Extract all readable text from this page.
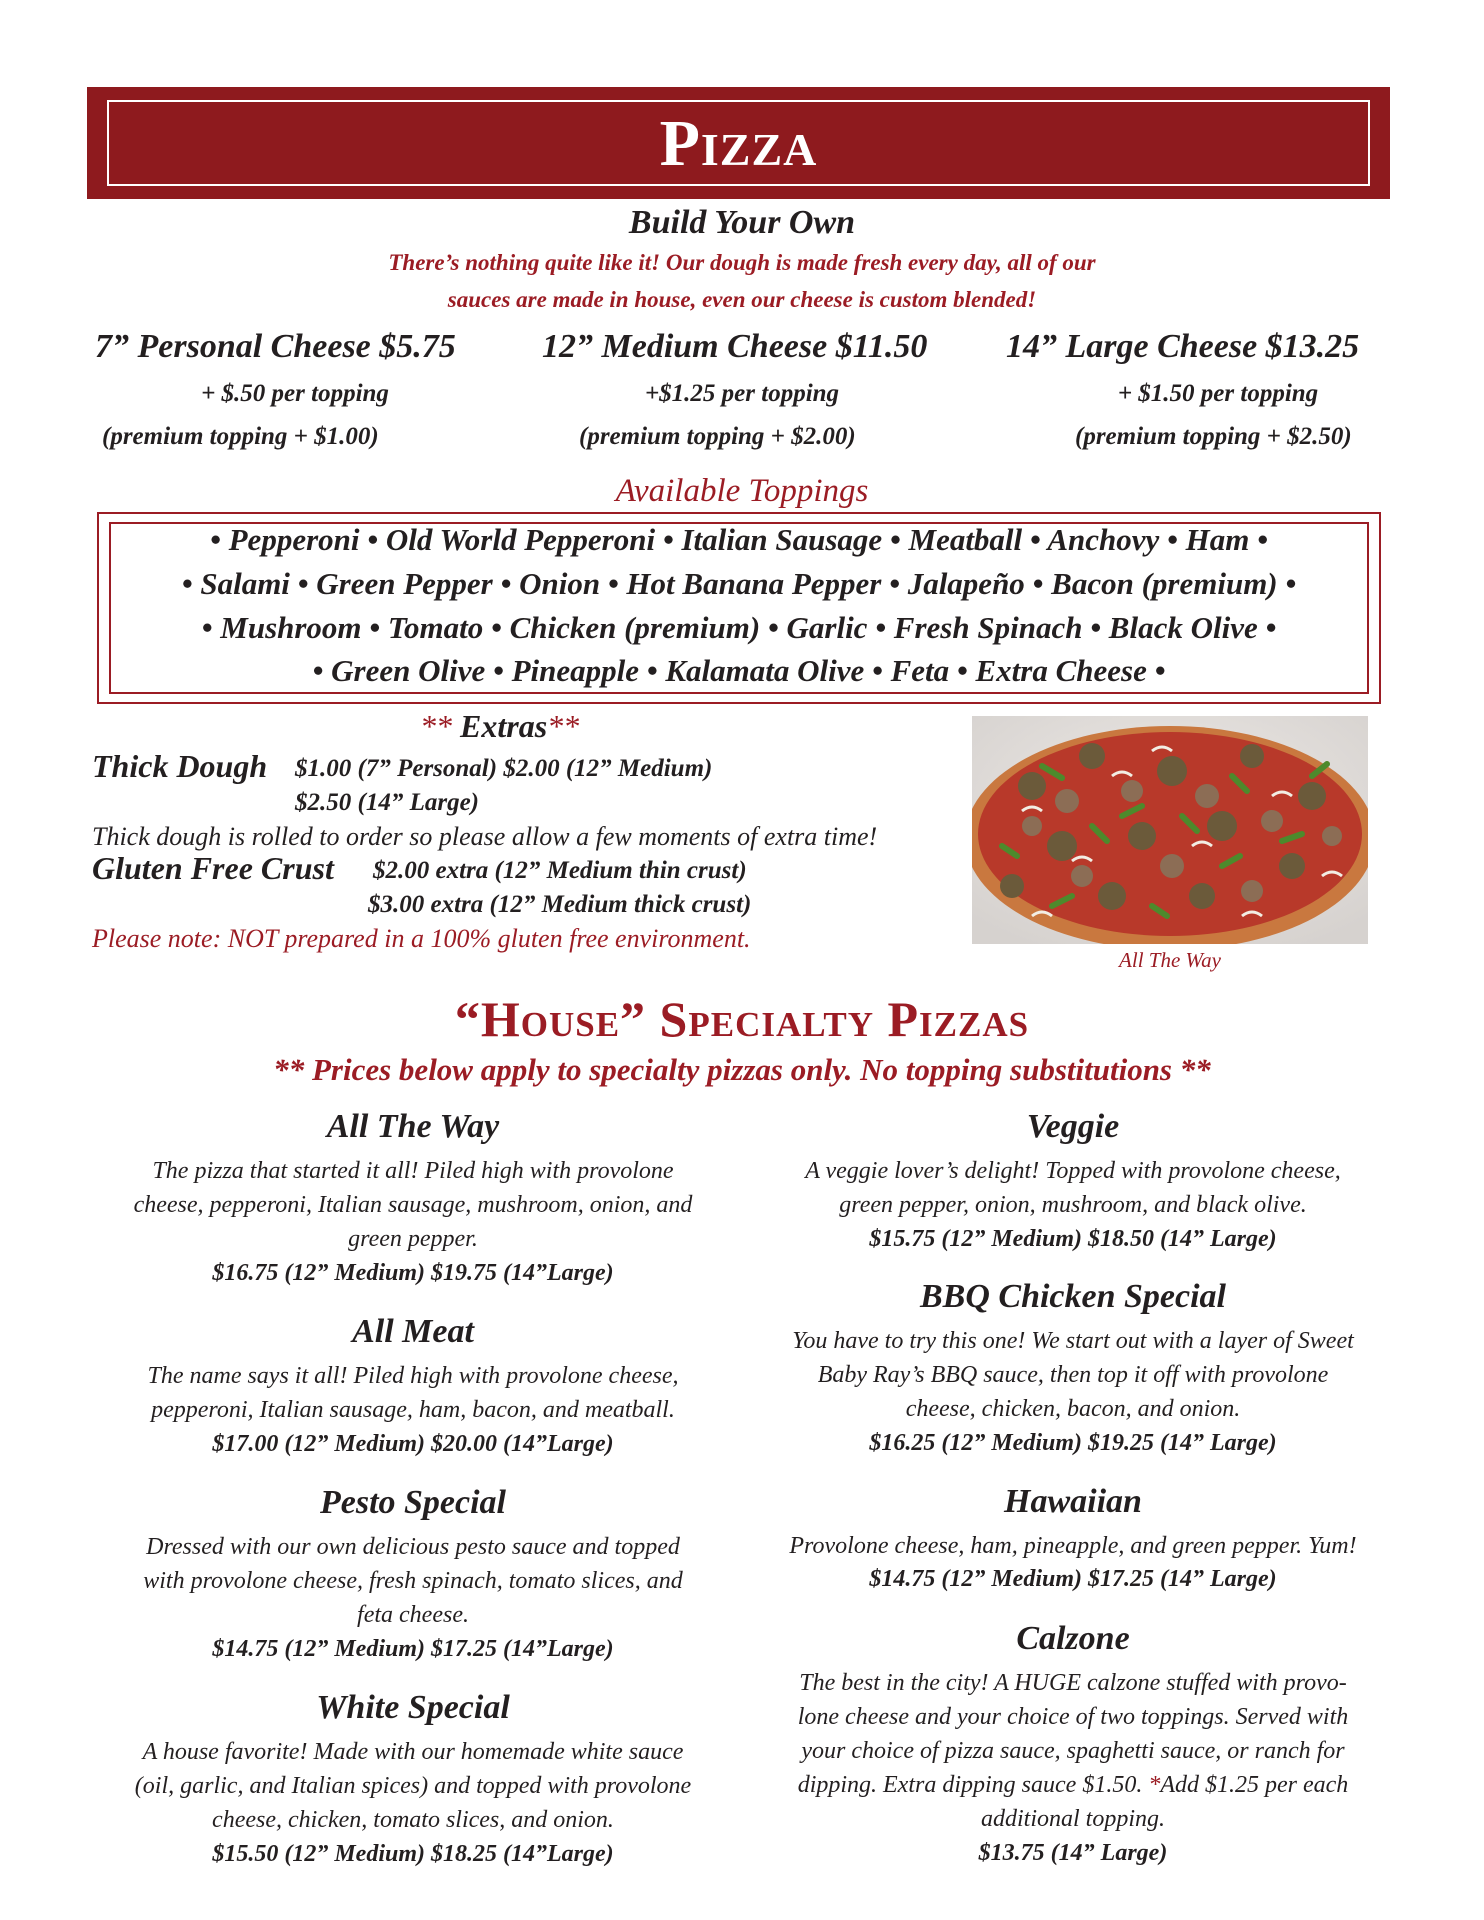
Pizza
Build Your Own
There’s nothing quite like it! Our dough is made fresh every day, all of our
sauces are made in house, even our cheese is custom blended!
7” Personal Cheese $5.75	12” Medium Cheese $11.50 14” Large Cheese $13.25
+ $.50 per topping	+$1.25 per topping	+ $1.50 per topping
(premium topping + $1.00)	(premium topping + $2.00)	(premium topping + $2.50)
Available Toppings
• Pepperoni • Old World Pepperoni • Italian Sausage • Meatball • Anchovy • Ham •
• Salami • Green Pepper • Onion • Hot Banana Pepper • Jalapeño • Bacon (premium) •
• Mushroom • Tomato • Chicken (premium) • Garlic • Fresh Spinach • Black Olive •
• Green Olive • Pineapple • Kalamata Olive • Feta • Extra Cheese •
** Extras**
Thick Dough $1.00 (7” Personal) $2.00 (12” Medium)
$2.50 (14” Large)
Thick dough is rolled to order so please allow a few moments of extra time!
Gluten Free Crust $2.00 extra (12” Medium thin crust)
$3.00 extra (12” Medium thick crust)
Please note: NOT prepared in a 100% gluten free environment.
All The Way
“House” Specialty Pizzas
** Prices below apply to specialty pizzas only. No topping substitutions **
All The Way
The pizza that started it all! Piled high with provolone
cheese, pepperoni, Italian sausage, mushroom, onion, and
green pepper.
$16.75 (12” Medium) $19.75 (14”Large)
All Meat
The name says it all! Piled high with provolone cheese,
pepperoni, Italian sausage, ham, bacon, and meatball.
$17.00 (12” Medium) $20.00 (14”Large)
Pesto Special
Dressed with our own delicious pesto sauce and topped
with provolone cheese, fresh spinach, tomato slices, and
feta cheese.
$14.75 (12” Medium) $17.25 (14”Large)
White Special
A house favorite! Made with our homemade white sauce
(oil, garlic, and Italian spices) and topped with provolone
cheese, chicken, tomato slices, and onion.
$15.50 (12” Medium) $18.25 (14”Large)
Veggie
A veggie lover’s delight! Topped with provolone cheese,
green pepper, onion, mushroom, and black olive.
$15.75 (12” Medium) $18.50 (14” Large)
BBQ Chicken Special
You have to try this one! We start out with a layer of Sweet
Baby Ray’s BBQ sauce, then top it off with provolone
cheese, chicken, bacon, and onion.
$16.25 (12” Medium) $19.25 (14” Large)
Hawaiian
Provolone cheese, ham, pineapple, and green pepper. Yum!
$14.75 (12” Medium) $17.25 (14” Large)
Calzone
The best in the city! A HUGE calzone stuffed with provo-
lone cheese and your choice of two toppings. Served with
your choice of pizza sauce, spaghetti sauce, or ranch for
dipping. Extra dipping sauce $1.50. *Add $1.25 per each
additional topping.
$13.75 (14” Large)
